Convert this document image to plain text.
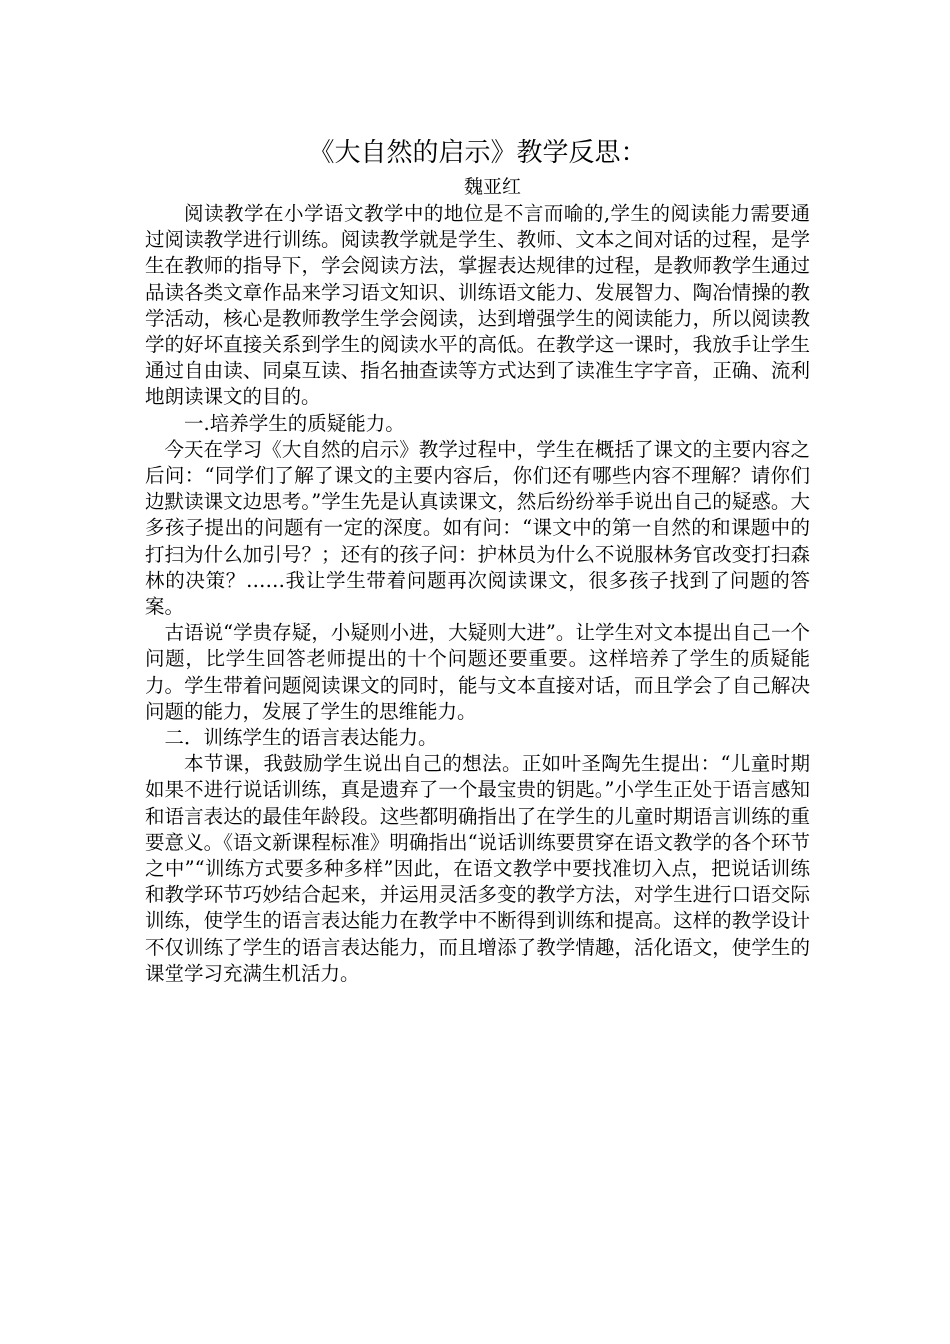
《大自然的启示》教学反思：

魏亚红

阅读教学在小学语文教学中的地位是不言而喻的,学生的阅读能力需要通过阅读教学进行训练。阅读教学就是学生、教师、文本之间对话的过程，是学生在教师的指导下，学会阅读方法，掌握表达规律的过程，是教师教学生通过品读各类文章作品来学习语文知识、训练语文能力、发展智力、陶冶情操的教学活动，核心是教师教学生学会阅读，达到增强学生的阅读能力，所以阅读教学的好坏直接关系到学生的阅读水平的高低。在教学这一课时，我放手让学生通过自由读、同桌互读、指名抽查读等方式达到了读准生字字音，正确、流利地朗读课文的目的。

一.培养学生的质疑能力。

今天在学习《大自然的启示》教学过程中，学生在概括了课文的主要内容之后问：“同学们了解了课文的主要内容后，你们还有哪些内容不理解？请你们边默读课文边思考。”学生先是认真读课文，然后纷纷举手说出自己的疑惑。大多孩子提出的问题有一定的深度。如有问：“课文中的第一自然的和课题中的打扫为什么加引号？；还有的孩子问：护林员为什么不说服林务官改变打扫森林的决策？……我让学生带着问题再次阅读课文，很多孩子找到了问题的答案。

古语说“学贵存疑，小疑则小进，大疑则大进”。让学生对文本提出自己一个问题，比学生回答老师提出的十个问题还要重要。这样培养了学生的质疑能力。学生带着问题阅读课文的同时，能与文本直接对话，而且学会了自己解决问题的能力，发展了学生的思维能力。

二．训练学生的语言表达能力。

本节课，我鼓励学生说出自己的想法。正如叶圣陶先生提出：“儿童时期如果不进行说话训练，真是遗弃了一个最宝贵的钥匙。”小学生正处于语言感知和语言表达的最佳年龄段。这些都明确指出了在学生的儿童时期语言训练的重要意义。《语文新课程标准》明确指出“说话训练要贯穿在语文教学的各个环节之中”“训练方式要多种多样”因此，在语文教学中要找准切入点，把说话训练和教学环节巧妙结合起来，并运用灵活多变的教学方法，对学生进行口语交际训练，使学生的语言表达能力在教学中不断得到训练和提高。这样的教学设计不仅训练了学生的语言表达能力，而且增添了教学情趣，活化语文，使学生的课堂学习充满生机活力。
